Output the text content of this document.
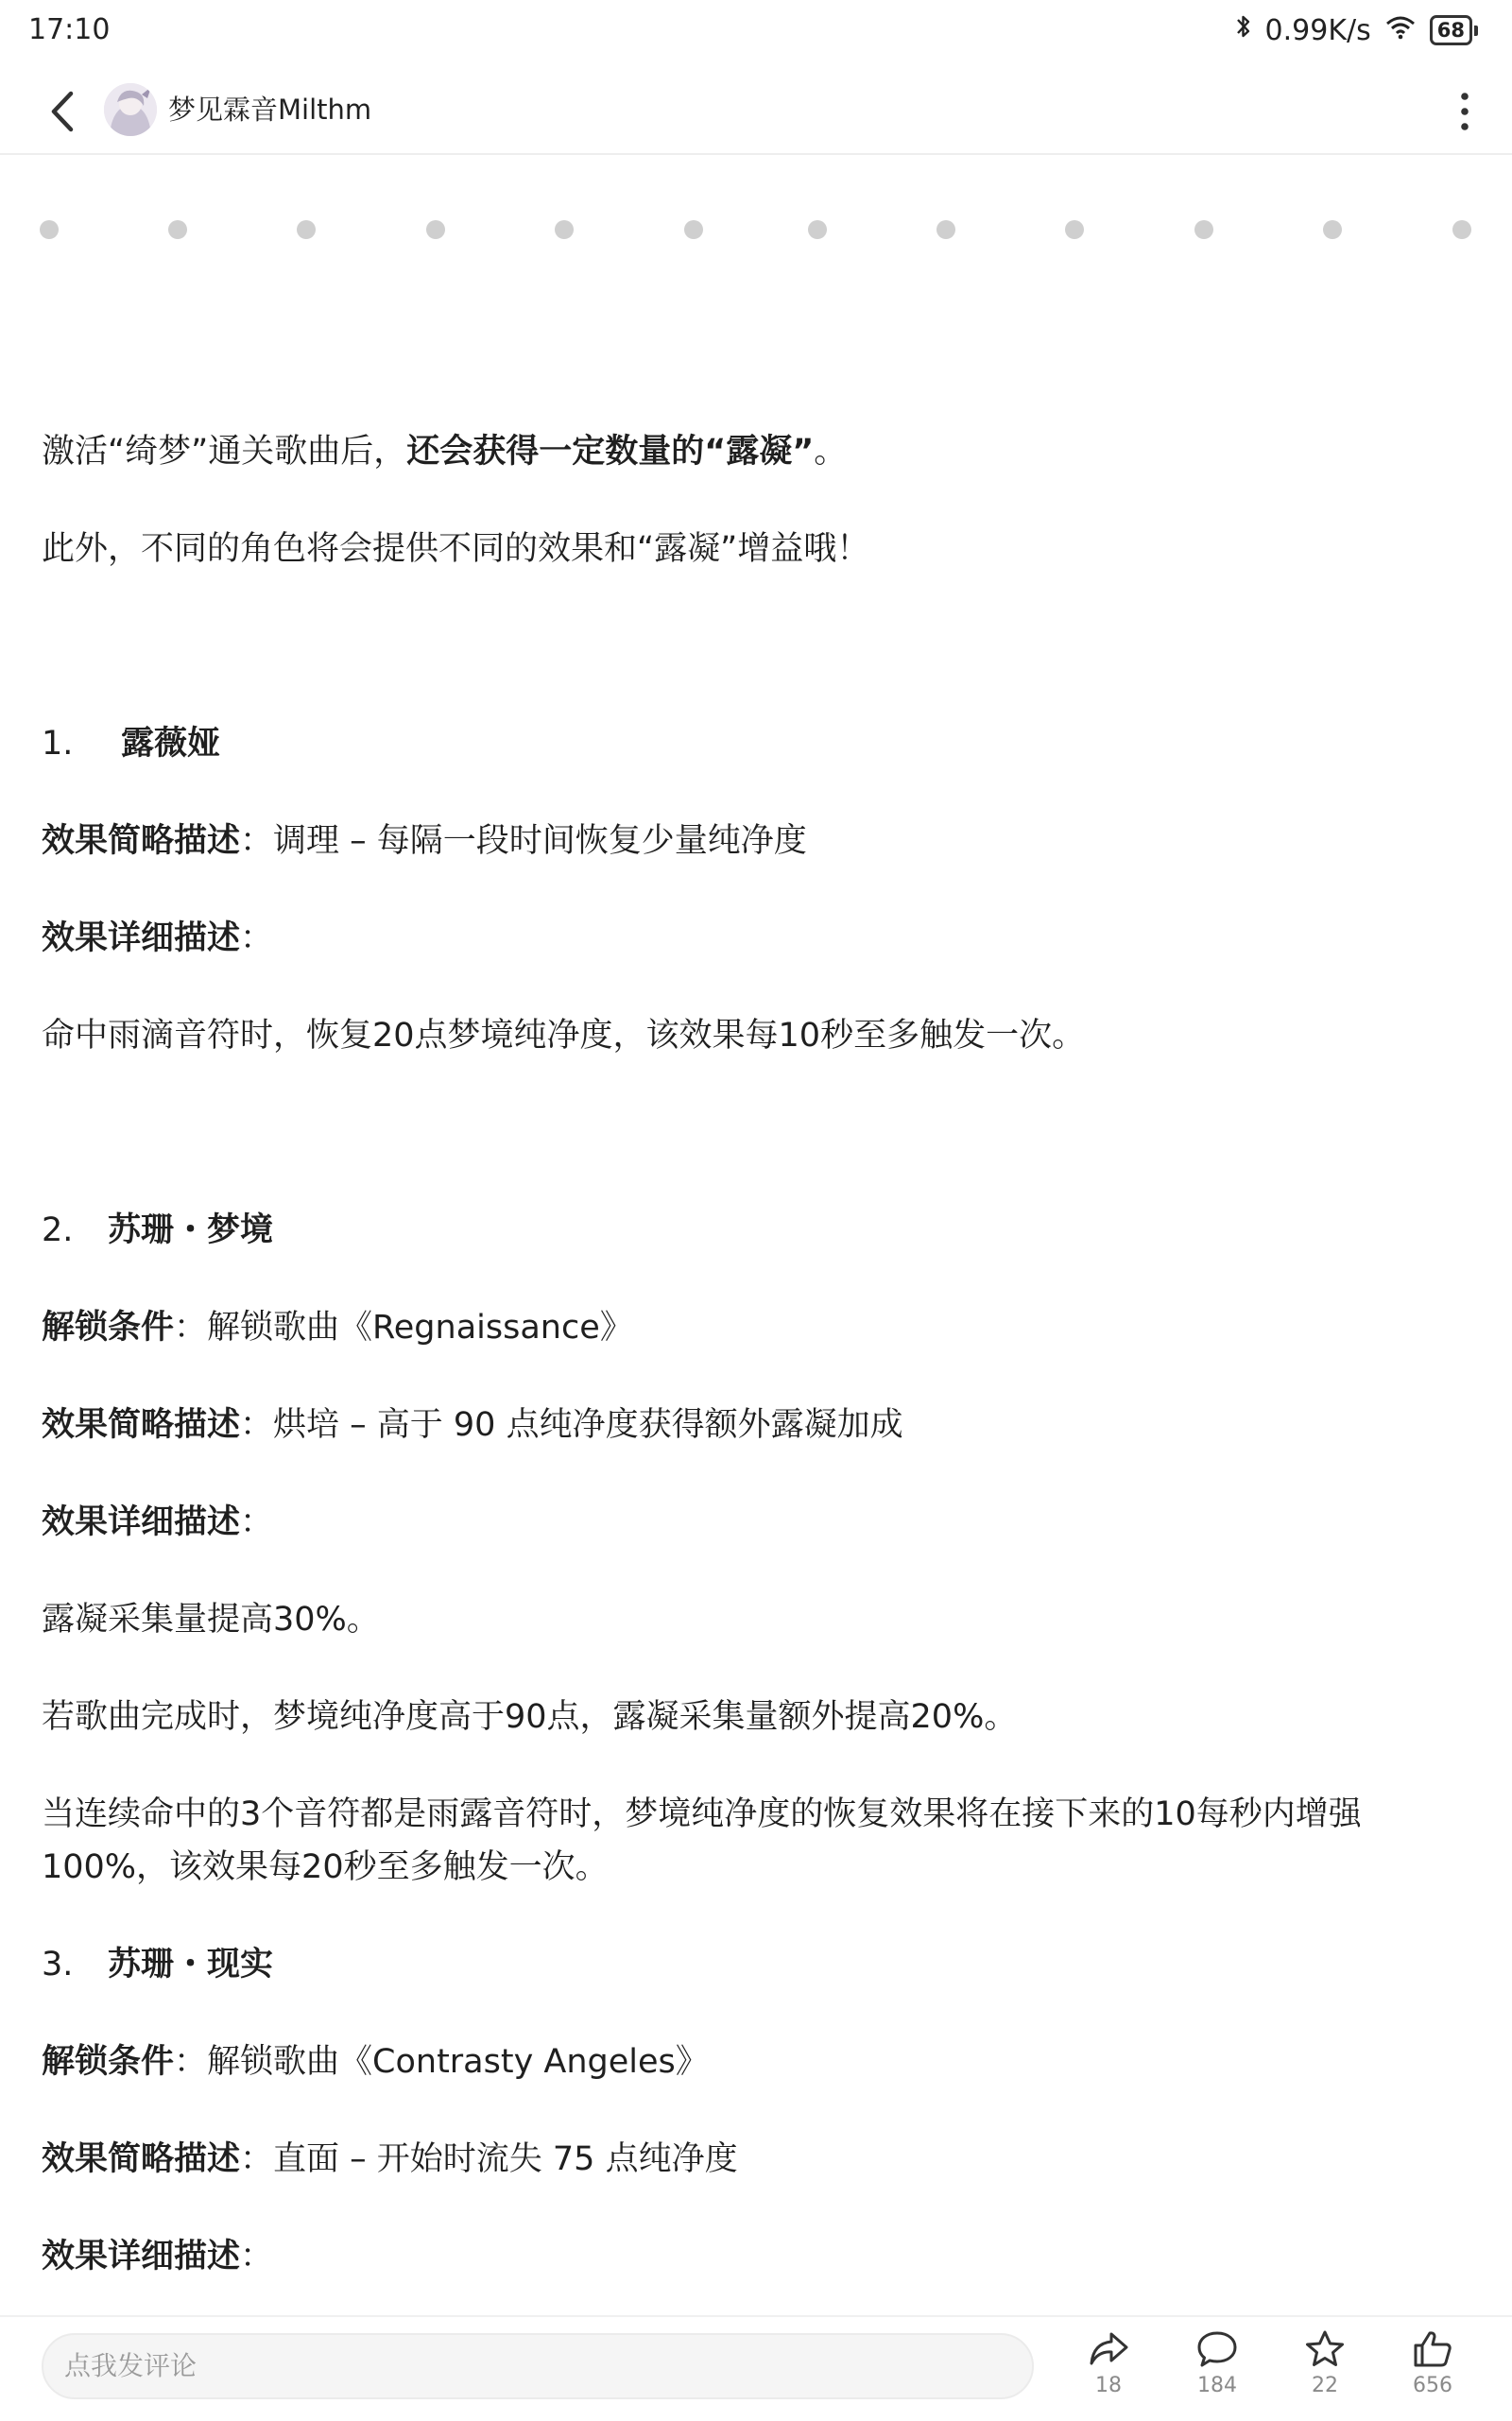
17:10	0.99K/s	68
梦见霖音Milthm

激活“绮梦”通关歌曲后，还会获得一定数量的“露凝”。

此外，不同的角色将会提供不同的效果和“露凝”增益哦！

1. 露薇娅

效果简略描述：调理 – 每隔一段时间恢复少量纯净度

效果详细描述：

命中雨滴音符时，恢复20点梦境纯净度，该效果每10秒至多触发一次。

2. 苏珊・梦境

解锁条件：解锁歌曲《Regnaissance》

效果简略描述：烘培 – 高于 90 点纯净度获得额外露凝加成

效果详细描述：

露凝采集量提高30%。

若歌曲完成时，梦境纯净度高于90点，露凝采集量额外提高20%。

当连续命中的3个音符都是雨露音符时，梦境纯净度的恢复效果将在接下来的10每秒内增强100%，该效果每20秒至多触发一次。

3. 苏珊・现实

解锁条件：解锁歌曲《Contrasty Angeles》

效果简略描述：直面 – 开始时流失 75 点纯净度

效果详细描述：

点我发评论
18	184	22	656
